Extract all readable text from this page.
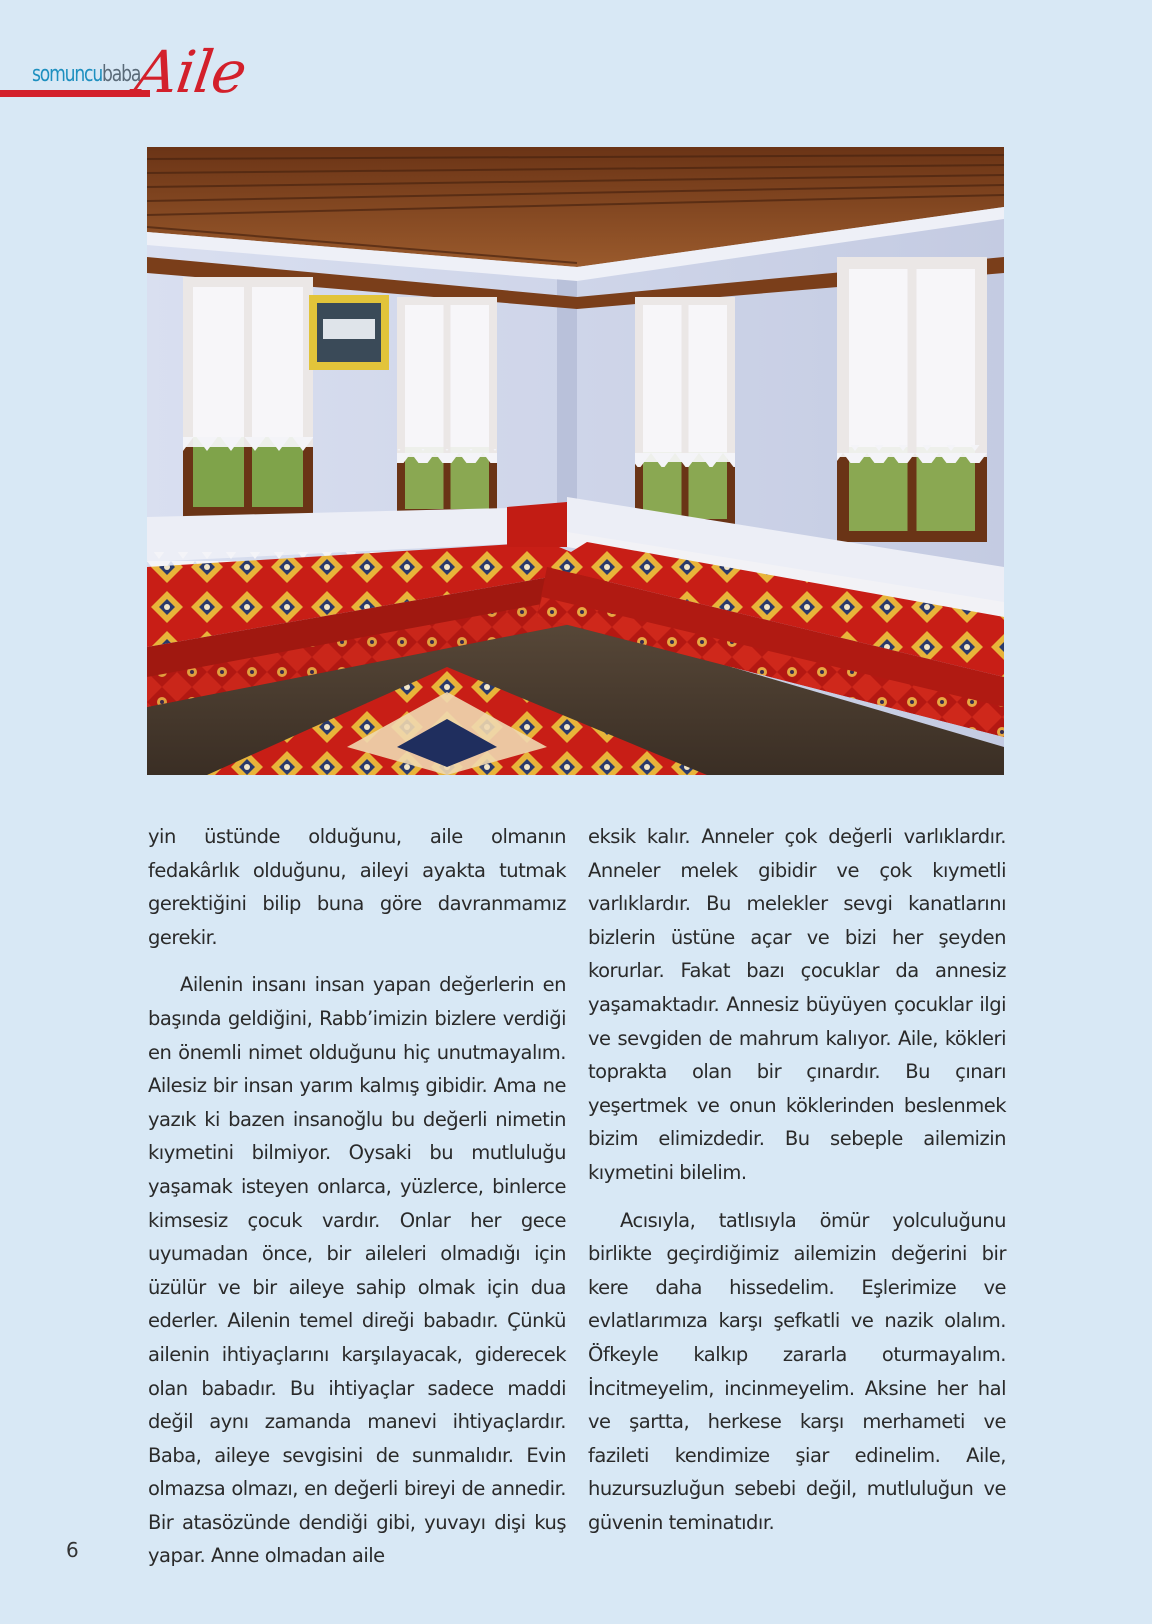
somuncubaba
Aile

yin üstünde olduğunu, aile olmanın fedakârlık olduğunu, aileyi ayakta tutmak gerektiğini bilip buna göre davranmamız gerekir.

Ailenin insanı insan yapan değerlerin en başında geldiğini, Rabb’imizin bizlere verdiği en önemli nimet olduğunu hiç unutmayalım. Ailesiz bir insan yarım kalmış gibidir. Ama ne yazık ki bazen insanoğlu bu değerli nimetin kıymetini bilmiyor. Oysaki bu mutluluğu yaşamak isteyen onlarca, yüzlerce, binlerce kimsesiz çocuk vardır. Onlar her gece uyumadan önce, bir aileleri olmadığı için üzülür ve bir aileye sahip olmak için dua ederler. Ailenin temel direği babadır. Çünkü ailenin ihtiyaçlarını karşılayacak, giderecek olan babadır. Bu ihtiyaçlar sadece maddi değil aynı zamanda manevi ihtiyaçlardır. Baba, aileye sevgisini de sunmalıdır. Evin olmazsa olmazı, en değerli bireyi de annedir. Bir atasözünde dendiği gibi, yuvayı dişi kuş yapar. Anne olmadan aile

eksik kalır. Anneler çok değerli varlıklardır. Anneler melek gibidir ve çok kıymetli varlıklardır. Bu melekler sevgi kanatlarını bizlerin üstüne açar ve bizi her şeyden korurlar. Fakat bazı çocuklar da annesiz yaşamaktadır. Annesiz büyüyen çocuklar ilgi ve sevgiden de mahrum kalıyor. Aile, kökleri toprakta olan bir çınardır. Bu çınarı yeşertmek ve onun köklerinden beslenmek bizim elimizdedir. Bu sebeple ailemizin kıymetini bilelim.

Acısıyla, tatlısıyla ömür yolculuğunu birlikte geçirdiğimiz ailemizin değerini bir kere daha hissedelim. Eşlerimize ve evlatlarımıza karşı şefkatli ve nazik olalım. Öfkeyle kalkıp zararla oturmayalım. İncitmeyelim, incinmeyelim. Aksine her hal ve şartta, herkese karşı merhameti ve fazileti kendimize şiar edinelim. Aile, huzursuzluğun sebebi değil, mutluluğun ve güvenin teminatıdır.

6
